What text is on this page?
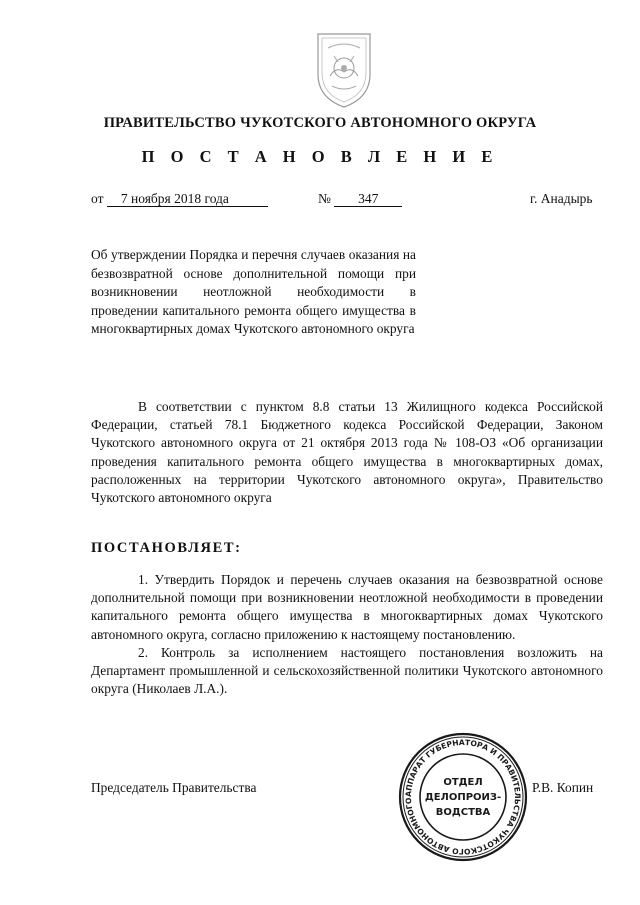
ПРАВИТЕЛЬСТВО ЧУКОТСКОГО АВТОНОМНОГО ОКРУГА
П О С Т А Н О В Л Е Н И Е
от 7 ноября 2018 года	№ 347	г. Анадырь
Об утверждении Порядка и перечня случаев оказания на безвозвратной основе дополнительной помощи при возникновении неотложной необходимости в проведении капитального ремонта общего имущества в многоквартирных домах Чукотского автономного округа

В соответствии с пунктом 8.8 статьи 13 Жилищного кодекса Российской Федерации, статьей 78.1 Бюджетного кодекса Российской Федерации, Законом Чукотского автономного округа от 21 октября 2013 года № 108-ОЗ «Об организации проведения капитального ремонта общего имущества в многоквартирных домах, расположенных на территории Чукотского автономного округа», Правительство Чукотского автономного округа

ПОСТАНОВЛЯЕТ:

1. Утвердить Порядок и перечень случаев оказания на безвозвратной основе дополнительной помощи при возникновении неотложной необходимости в проведении капитального ремонта общего имущества в многоквартирных домах Чукотского автономного округа, согласно приложению к настоящему постановлению.

2. Контроль за исполнением настоящего постановления возложить на Департамент промышленной и сельскохозяйственной политики Чукотского автономного округа (Николаев Л.А.).

Председатель Правительства	Р.В. Копин
АППАРАТ ГУБЕРНАТОРА И ПРАВИТЕЛЬСТВА ЧУКОТСКОГО АВТОНОМНОГО
ОТДЕЛ
ДЕЛОПРОИЗ-
ВОДСТВА
